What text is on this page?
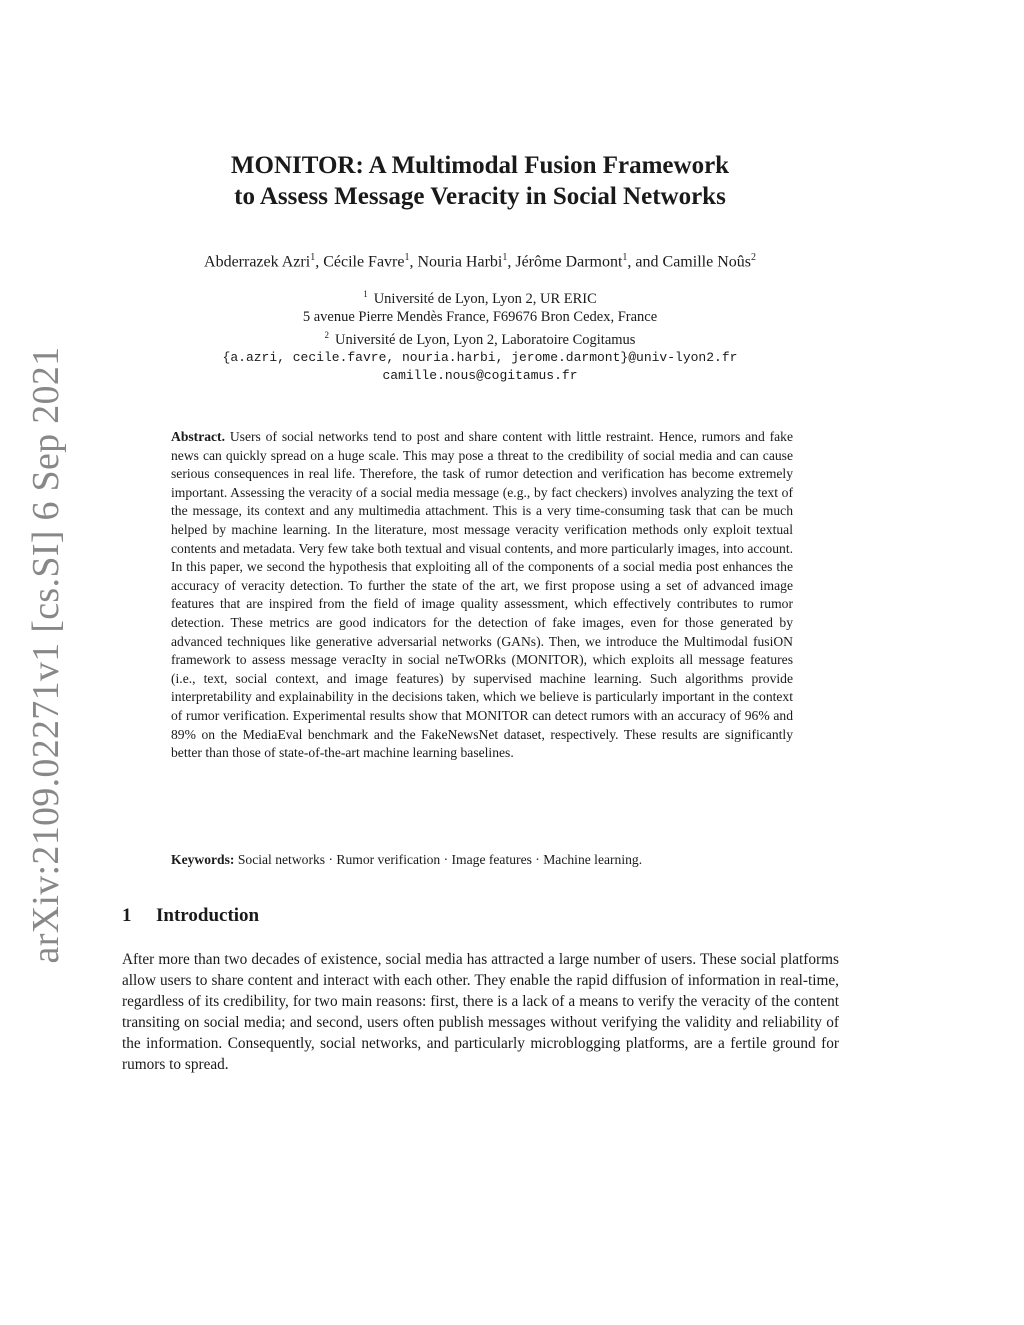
arXiv:2109.02271v1 [cs.SI] 6 Sep 2021
MONITOR: A Multimodal Fusion Framework
to Assess Message Veracity in Social Networks
Abderrazek Azri$^1$, Cécile Favre$^1$, Nouria Harbi$^1$, Jérôme Darmont$^1$, and Camille Noûs$^2$
$^1$ Université de Lyon, Lyon 2, UR ERIC
5 avenue Pierre Mendès France, F69676 Bron Cedex, France
$^2$ Université de Lyon, Lyon 2, Laboratoire Cogitamus
{a.azri, cecile.favre, nouria.harbi, jerome.darmont}@univ-lyon2.fr
camille.nous@cogitamus.fr
Abstract. Users of social networks tend to post and share content with little restraint. Hence, rumors and fake news can quickly spread on a huge scale. This may pose a threat to the credibility of social media and can cause serious consequences in real life. Therefore, the task of rumor detection and verification has become extremely important. Assessing the veracity of a social media message (e.g., by fact checkers) involves analyzing the text of the message, its context and any multimedia attachment. This is a very time-consuming task that can be much helped by machine learning. In the literature, most message veracity verification methods only exploit textual contents and metadata. Very few take both textual and visual contents, and more particularly images, into account. In this paper, we second the hypothesis that exploiting all of the components of a social media post enhances the accuracy of veracity detection. To further the state of the art, we first propose using a set of advanced image features that are inspired from the field of image quality assessment, which effectively contributes to rumor detection. These metrics are good indicators for the detection of fake images, even for those generated by advanced techniques like generative adversarial networks (GANs). Then, we introduce the Multimodal fusiON framework to assess message veracIty in social neTwORks (MONITOR), which exploits all message features (i.e., text, social context, and image features) by supervised machine learning. Such algorithms provide interpretability and explainability in the decisions taken, which we believe is particularly important in the context of rumor verification. Experimental results show that MONITOR can detect rumors with an accuracy of 96% and 89% on the MediaEval benchmark and the FakeNewsNet dataset, respectively. These results are significantly better than those of state-of-the-art machine learning baselines.
Keywords: Social networks · Rumor verification · Image features · Machine learning.
1 Introduction
After more than two decades of existence, social media has attracted a large number of users. These social platforms allow users to share content and interact with each other. They enable the rapid diffusion of information in real-time, regardless of its credibility, for two main reasons: first, there is a lack of a means to verify the veracity of the content transiting on social media; and second, users often publish messages without verifying the validity and reliability of the information. Consequently, social networks, and particularly microblogging platforms, are a fertile ground for rumors to spread.
